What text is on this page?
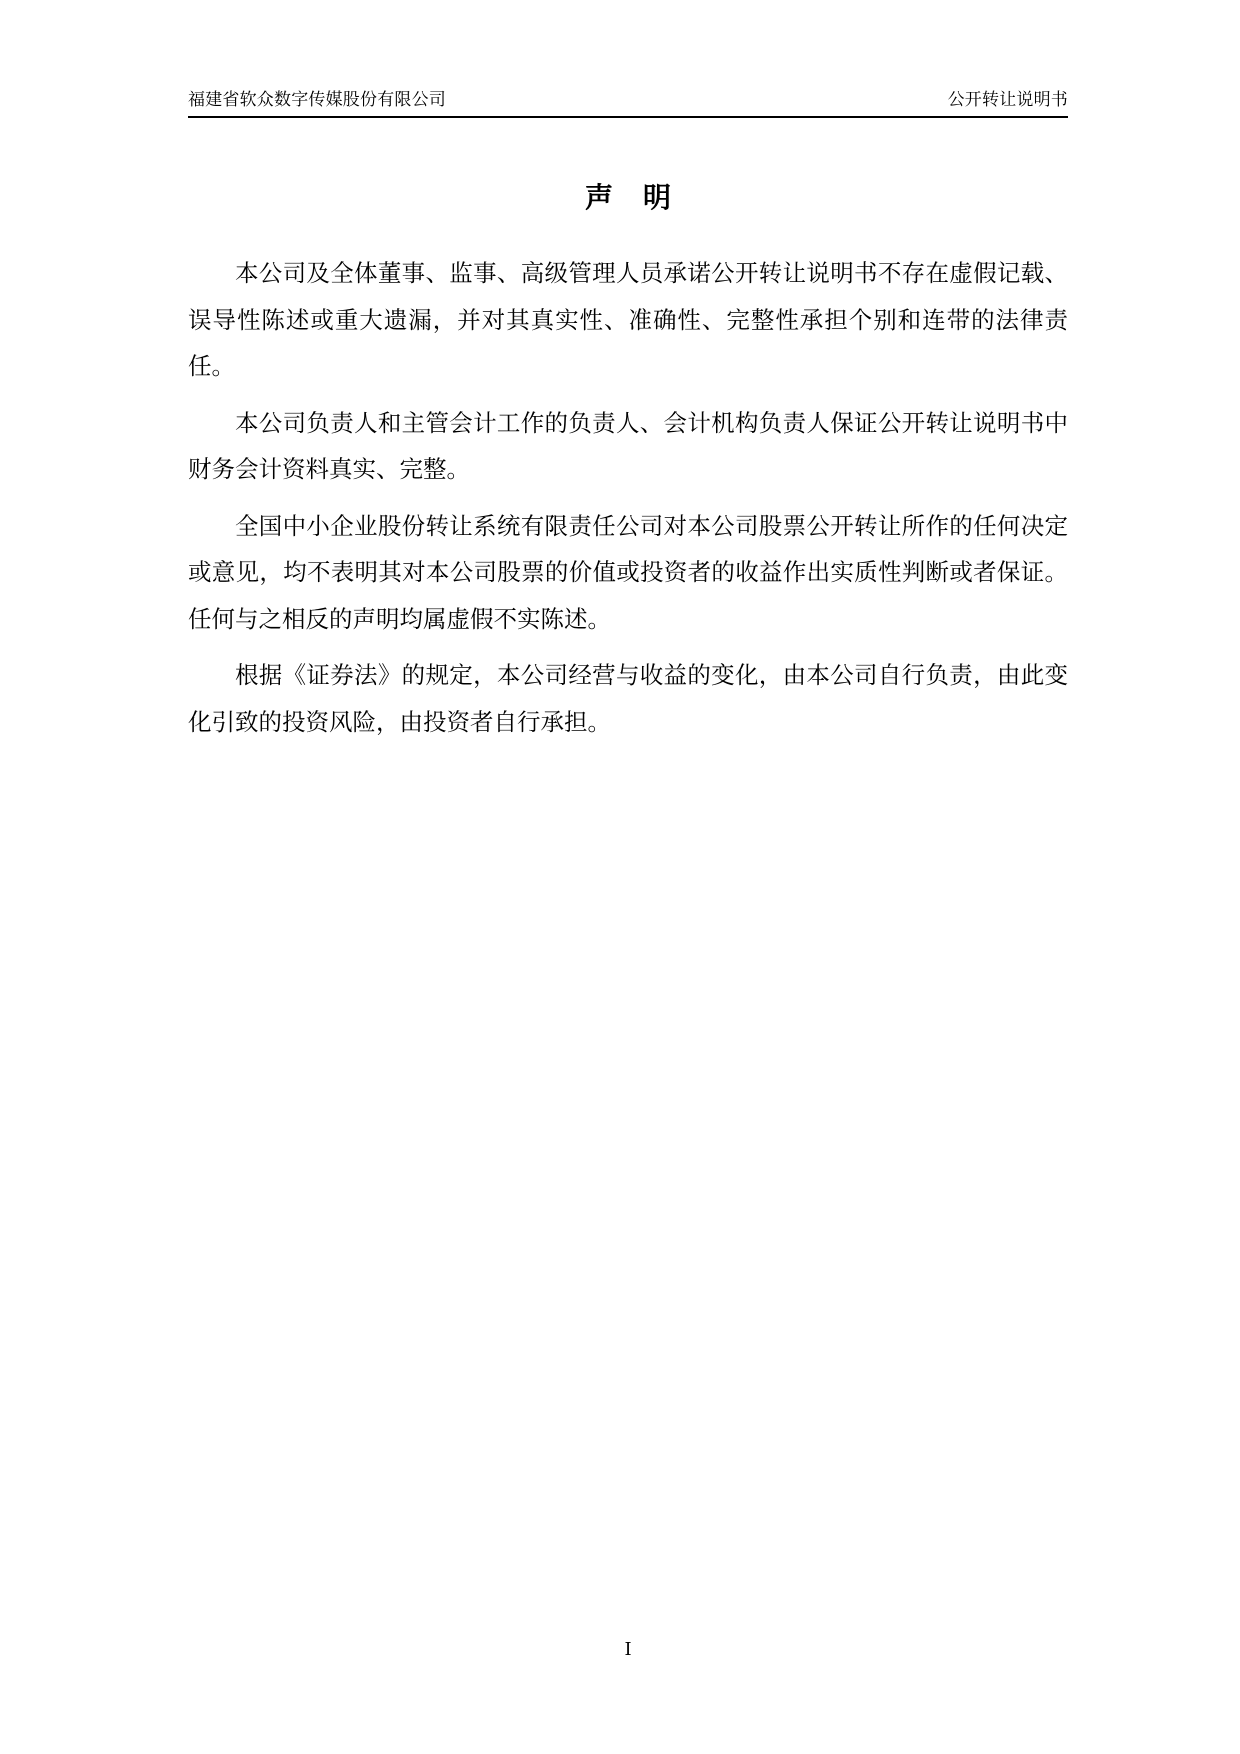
福建省软众数字传媒股份有限公司	公开转让说明书
声 明

本公司及全体董事、监事、高级管理人员承诺公开转让说明书不存在虚假记载、误导性陈述或重大遗漏，并对其真实性、准确性、完整性承担个别和连带的法律责任。

本公司负责人和主管会计工作的负责人、会计机构负责人保证公开转让说明书中财务会计资料真实、完整。

全国中小企业股份转让系统有限责任公司对本公司股票公开转让所作的任何决定或意见，均不表明其对本公司股票的价值或投资者的收益作出实质性判断或者保证。任何与之相反的声明均属虚假不实陈述。

根据《证券法》的规定，本公司经营与收益的变化，由本公司自行负责，由此变化引致的投资风险，由投资者自行承担。

I
